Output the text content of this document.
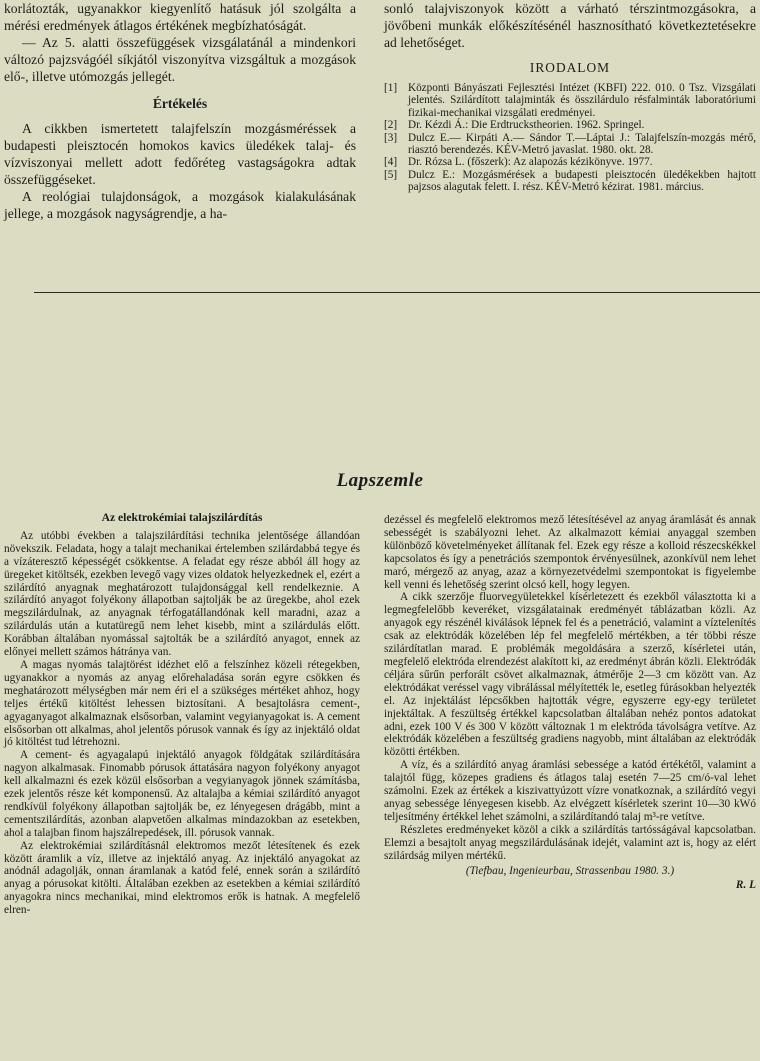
korlátozták, ugyanakkor kiegyenlítő hatásuk jól szolgálta a mérési eredmények átlagos értékének megbízhatóságát.

— Az 5. alatti összefüggések vizsgálatánál a mindenkori változó pajzsvágóél síkjától viszonyítva vizsgáltuk a mozgások elő-, illetve utómozgás jellegét.

Értékelés

A cikkben ismertetett talajfelszín mozgásméréssek a budapesti pleisztocén homokos kavics üledékek talaj- és vízviszonyai mellett adott fedőréteg vastagságokra adtak összefüggéseket.

A reológiai tulajdonságok, a mozgások kialakulásának jellege, a mozgások nagyságrendje, a ha-

sonló talajviszonyok között a várható térszintmozgásokra, a jövőbeni munkák előkészítésénél hasznosítható következtetésekre ad lehetőséget.

IRODALOM
[1] Központi Bányászati Fejlesztési Intézet (KBFI) 222. 010. 0 Tsz. Vizsgálati jelentés. Szilárdított talajminták és összilárdulo résfalminták laboratóriumi fizikai-mechanikai vizsgálati eredményei.
[2] Dr. Kézdi Á.: Die Erdtruckstheorien. 1962. Springel.
[3] Dulcz E.— Kirpáti A.— Sándor T.—Láptai J.: Talajfelszín-mozgás mérő, riasztó berendezés. KÉV-Metró javaslat. 1980. okt. 28.
[4] Dr. Rózsa L. (főszerk): Az alapozás kézikönyve. 1977.
[5] Dulcz E.: Mozgásmérések a budapesti pleisztocén üledékekben hajtott pajzsos alagutak felett. I. rész. KÉV-Metró kézirat. 1981. március.
Lapszemle
Az elektrokémiai talajszilárdítás

Az utóbbi években a talajszilárdítási technika jelentősége állandóan növekszik. Feladata, hogy a talajt mechanikai értelemben szilárdabbá tegye és a vízáteresztő képességét csökkentse. A feladat egy része abból áll hogy az üregeket kitöltsék, ezekben levegő vagy vizes oldatok helyezkednek el, ezért a szilárdító anyagnak meghatározott tulajdonsággal kell rendelkeznie. A szilárdító anyagot folyékony állapotban sajtolják be az üregekbe, ahol ezek megszilárdulnak, az anyagnak térfogatállandónak kell maradni, azaz a szilárdulás után a kutatüregű nem lehet kisebb, mint a szilárdulás előtt. Korábban általában nyomással sajtolták be a szilárdító anyagot, ennek az előnyei mellett számos hátránya van.

A magas nyomás talajtörést idézhet elő a felszínhez közeli rétegekben, ugyanakkor a nyomás az anyag előrehaladása során egyre csökken és meghatározott mélységben már nem éri el a szükséges mértéket ahhoz, hogy teljes értékű kitöltést lehessen biztosítani. A besajtolásra cement-, agyaganyagot alkalmaznak elsősorban, valamint vegyianyagokat is. A cement elsősorban ott alkalmas, ahol jelentős pórusok vannak és így az injektáló oldat jó kitöltést tud létrehozni.

A cement- és agyagalapú injektáló anyagok földgátak szilárdítására nagyon alkalmasak. Finomabb pórusok áttatására nagyon folyékony anyagot kell alkalmazni és ezek közül elsősorban a vegyianyagok jönnek számításba, ezek jelentős része két komponensű. Az altalajba a kémiai szilárdító anyagot rendkívül folyékony állapotban sajtolják be, ez lényegesen drágább, mint a cementszilárdítás, azonban alapvetően alkalmas mindazokban az esetekben, ahol a talajban finom hajszálrepedések, ill. pórusok vannak.

Az elektrokémiai szilárdításnál elektromos mezőt létesítenek és ezek között áramlik a víz, illetve az injektáló anyag. Az injektáló anyagokat az anódnál adagolják, onnan áramlanak a katód felé, ennek során a szilárdító anyag a pórusokat kitölti. Általában ezekben az esetekben a kémiai szilárdító anyagokra nincs mechanikai, mind elektromos erők is hatnak. A megfelelő elren-

dezéssel és megfelelő elektromos mező létesítésével az anyag áramlását és annak sebességét is szabályozni lehet. Az alkalmazott kémiai anyaggal szemben különböző követelményeket állítanak fel. Ezek egy része a kolloid részecskékkel kapcsolatos és így a penetrációs szempontok érvényesülnek, azonkívül nem lehet maró, mérgező az anyag, azaz a környezetvédelmi szempontokat is figyelembe kell venni és lehetőség szerint olcsó kell, hogy legyen.

A cikk szerzője fluorvegyületekkel kísérletezett és ezekből választotta ki a legmegfelelőbb keveréket, vizsgálatainak eredményét táblázatban közli. Az anyagok egy részénél kiválások lépnek fel és a penetráció, valamint a víztelenítés csak az elektródák közelében lép fel megfelelő mértékben, a tér többi része szilárdítatlan marad. E problémák megoldására a szerző, kísérletei után, megfelelő elektróda elrendezést alakított ki, az eredményt ábrán közli. Elektródák céljára sűrűn perforált csövet alkalmaznak, átmérője 2—3 cm között van. Az elektródákat veréssel vagy vibrálással mélyítették le, esetleg fúrásokban helyezték el. Az injektálást lépcsőkben hajtották végre, egyszerre egy-egy területet injektáltak. A feszültség értékkel kapcsolatban általában nehéz pontos adatokat adni, ezek 100 V és 300 V között változnak 1 m elektróda távolságra vetítve. Az elektródák közelében a feszültség gradiens nagyobb, mint általában az elektródák közötti értékben.

A víz, és a szilárdító anyag áramlási sebessége a katód értékétől, valamint a talajtól függ, közepes gradiens és átlagos talaj esetén 7—25 cm/ó-val lehet számolni. Ezek az értékek a kiszivattyúzott vízre vonatkoznak, a szilárdító vegyi anyag sebessége lényegesen kisebb. Az elvégzett kísérletek szerint 10—30 kWó teljesítmény értékkel lehet számolni, a szilárdítandó talaj m³-re vetítve.

Részletes eredményeket közöl a cikk a szilárdítás tartósságával kapcsolatban. Elemzi a besajtolt anyag megszilárdulásának idejét, valamint azt is, hogy az elért szilárdság milyen mértékű.

(Tiefbau, Ingenieurbau, Strassenbau 1980. 3.)
R. L
